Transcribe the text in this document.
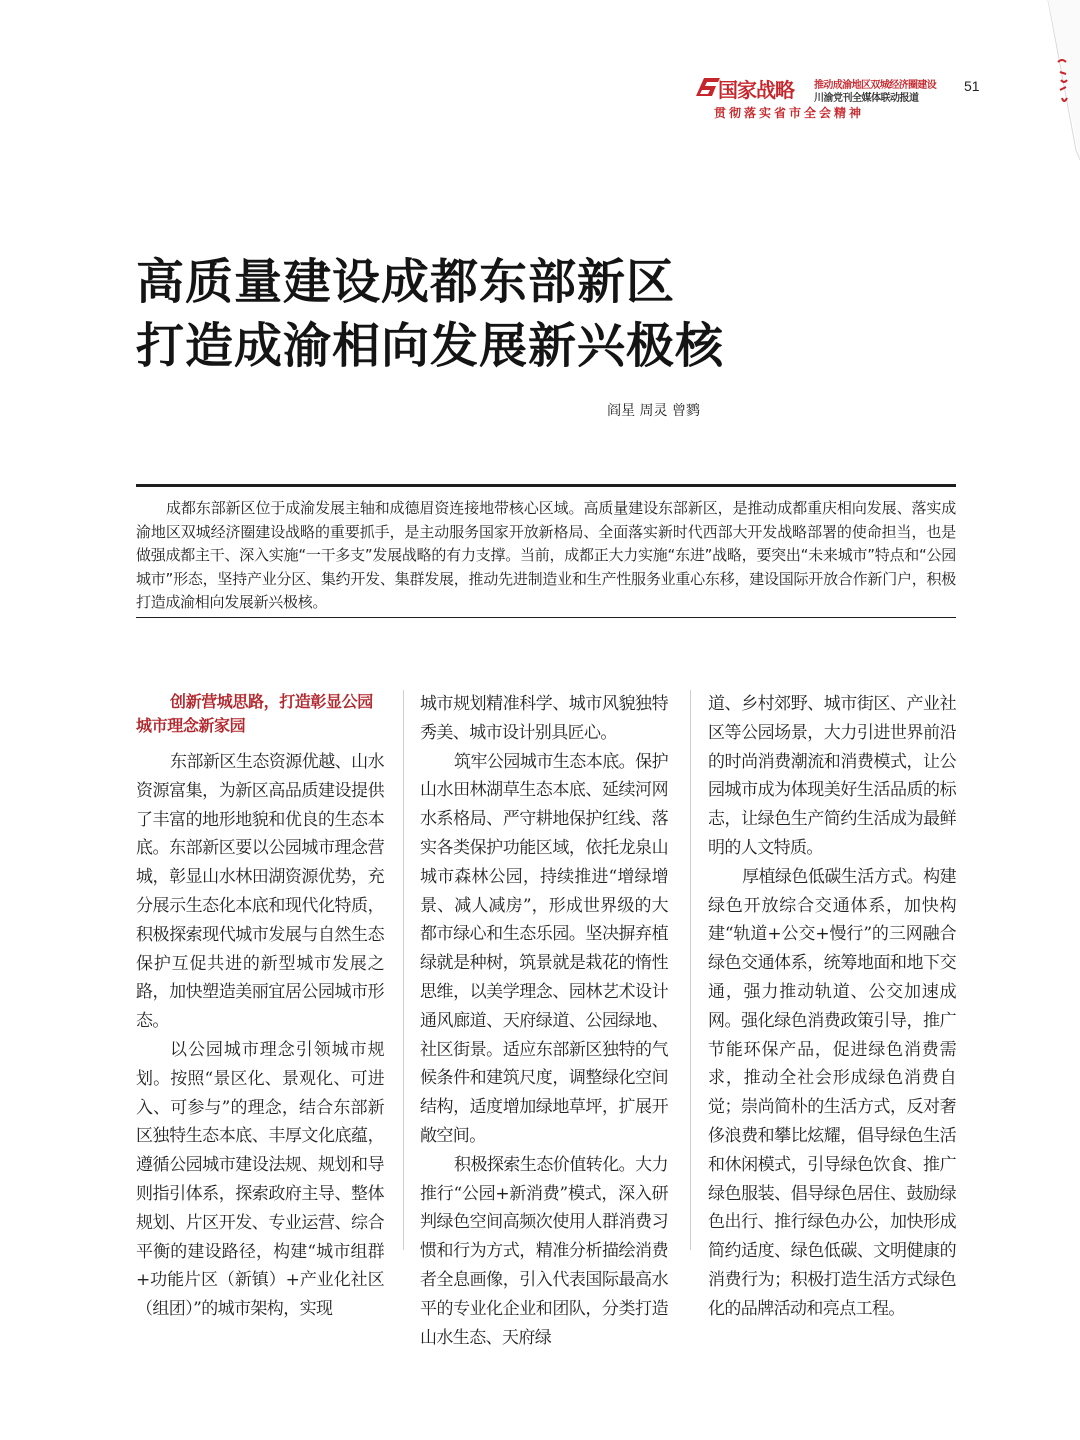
国家战略 推动成渝地区双城经济圈建设
川渝党刊全媒体联动报道
贯彻落实省市全会精神
51
高质量建设成都东部新区
打造成渝相向发展新兴极核
阎星 周灵 曾鹨

成都东部新区位于成渝发展主轴和成德眉资连接地带核心区域。高质量建设东部新区，是推动成都重庆相向发展、落实成渝地区双城经济圈建设战略的重要抓手，是主动服务国家开放新格局、全面落实新时代西部大开发战略部署的使命担当，也是做强成都主干、深入实施“一干多支”发展战略的有力支撑。当前，成都正大力实施“东进”战略，要突出“未来城市”特点和“公园城市”形态，坚持产业分区、集约开发、集群发展，推动先进制造业和生产性服务业重心东移，建设国际开放合作新门户，积极打造成渝相向发展新兴极核。

创新营城思路，打造彰显公园城市理念新家园

东部新区生态资源优越、山水资源富集，为新区高品质建设提供了丰富的地形地貌和优良的生态本底。东部新区要以公园城市理念营城，彰显山水林田湖资源优势，充分展示生态化本底和现代化特质，积极探索现代城市发展与自然生态保护互促共进的新型城市发展之路，加快塑造美丽宜居公园城市形态。

以公园城市理念引领城市规划。按照“景区化、景观化、可进入、可参与”的理念，结合东部新区独特生态本底、丰厚文化底蕴，遵循公园城市建设法规、规划和导则指引体系，探索政府主导、整体规划、片区开发、专业运营、综合平衡的建设路径，构建“城市组群+功能片区（新镇）+产业化社区（组团）”的城市架构，实现

城市规划精准科学、城市风貌独特秀美、城市设计别具匠心。

筑牢公园城市生态本底。保护山水田林湖草生态本底、延续河网水系格局、严守耕地保护红线、落实各类保护功能区域，依托龙泉山城市森林公园，持续推进“增绿增景、减人减房”，形成世界级的大都市绿心和生态乐园。坚决摒弃植绿就是种树，筑景就是栽花的惰性思维，以美学理念、园林艺术设计通风廊道、天府绿道、公园绿地、社区街景。适应东部新区独特的气候条件和建筑尺度，调整绿化空间结构，适度增加绿地草坪，扩展开敞空间。

积极探索生态价值转化。大力推行“公园+新消费”模式，深入研判绿色空间高频次使用人群消费习惯和行为方式，精准分析描绘消费者全息画像，引入代表国际最高水平的专业化企业和团队，分类打造山水生态、天府绿

道、乡村郊野、城市街区、产业社区等公园场景，大力引进世界前沿的时尚消费潮流和消费模式，让公园城市成为体现美好生活品质的标志，让绿色生产简约生活成为最鲜明的人文特质。

厚植绿色低碳生活方式。构建绿色开放综合交通体系，加快构建“轨道+公交+慢行”的三网融合绿色交通体系，统筹地面和地下交通，强力推动轨道、公交加速成网。强化绿色消费政策引导，推广节能环保产品，促进绿色消费需求，推动全社会形成绿色消费自觉；崇尚简朴的生活方式，反对奢侈浪费和攀比炫耀，倡导绿色生活和休闲模式，引导绿色饮食、推广绿色服装、倡导绿色居住、鼓励绿色出行、推行绿色办公，加快形成简约适度、绿色低碳、文明健康的消费行为；积极打造生活方式绿色化的品牌活动和亮点工程。
